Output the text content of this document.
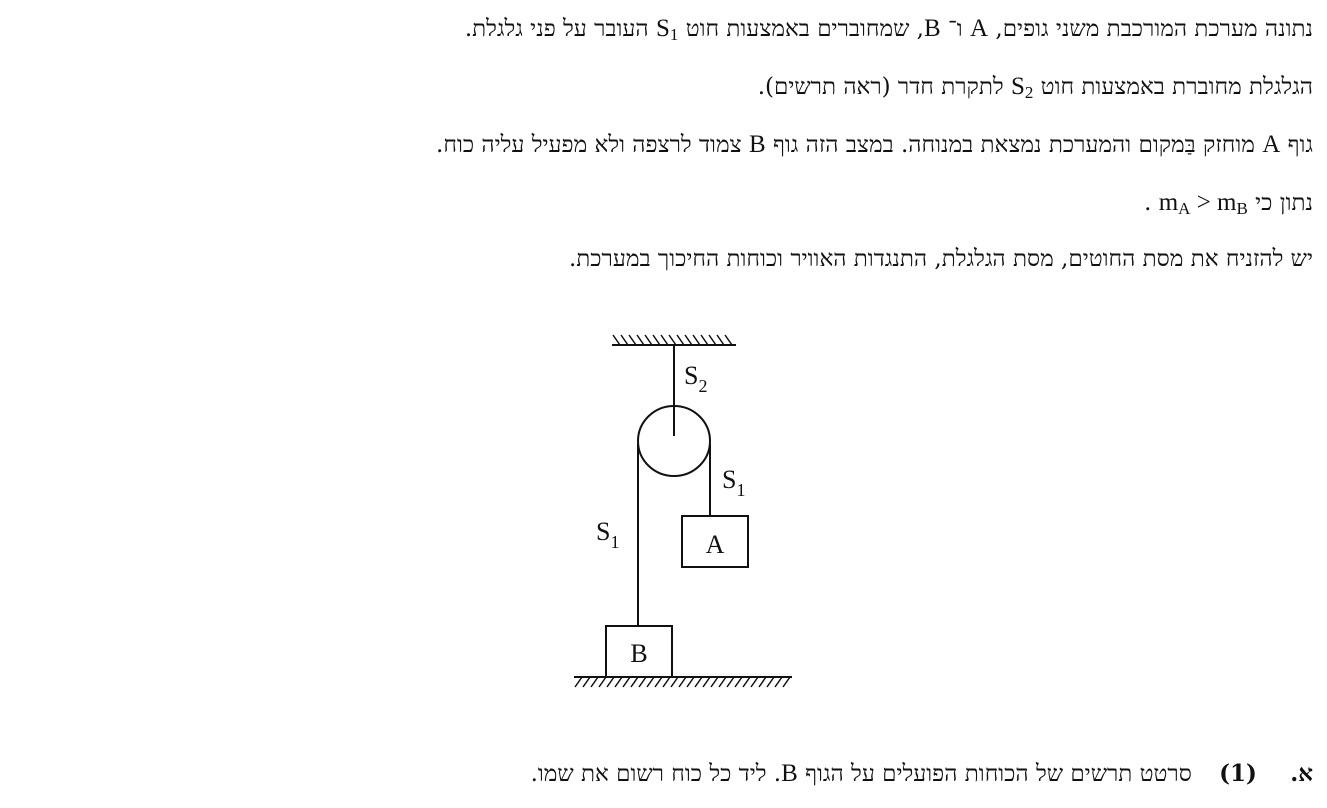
נתונה מערכת המורכבת משני גופים, A ו־ B, שמחוברים באמצעות חוט $S_1$ העובר על פני גלגלת.
הגלגלת מחוברת באמצעות חוט $S_2$ לתקרת חדר (ראה תרשים).
גוף A מוחזק בַּמקום והמערכת נמצאת במנוחה. במצב הזה גוף B צמוד לרצפה ולא מפעיל עליה כוח.
נתון כי $m_A > m_B$ .
יש להזניח את מסת החוטים, מסת הגלגלת, התנגדות האוויר וכוחות החיכוך במערכת.
A
B
$S_2$
$S_1$
$S_1$
א. (1) סרטט תרשים של הכוחות הפועלים על הגוף B. ליד כל כוח רשום את שמו.
